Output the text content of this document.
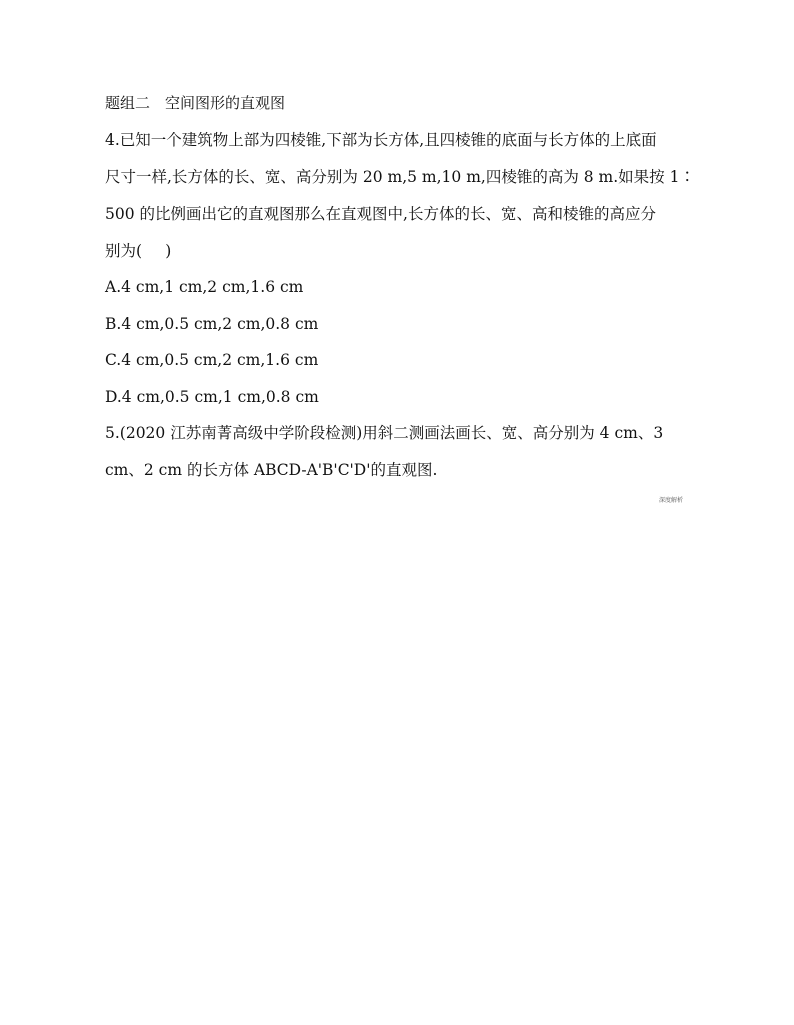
题组二　空间图形的直观图
4.已知一个建筑物上部为四棱锥,下部为长方体,且四棱锥的底面与长方体的上底面
尺寸一样,长方体的长、宽、高分别为 20 m,5 m,10 m,四棱锥的高为 8 m.如果按 1∶
500 的比例画出它的直观图那么在直观图中,长方体的长、宽、高和棱锥的高应分
别为(  )
A.4 cm,1 cm,2 cm,1.6 cm
B.4 cm,0.5 cm,2 cm,0.8 cm
C.4 cm,0.5 cm,2 cm,1.6 cm
D.4 cm,0.5 cm,1 cm,0.8 cm
5.(2020 江苏南菁高级中学阶段检测)用斜二测画法画长、宽、高分别为 4 cm、3
cm、2 cm 的长方体 ABCD-A'B'C'D'的直观图.
深度解析
